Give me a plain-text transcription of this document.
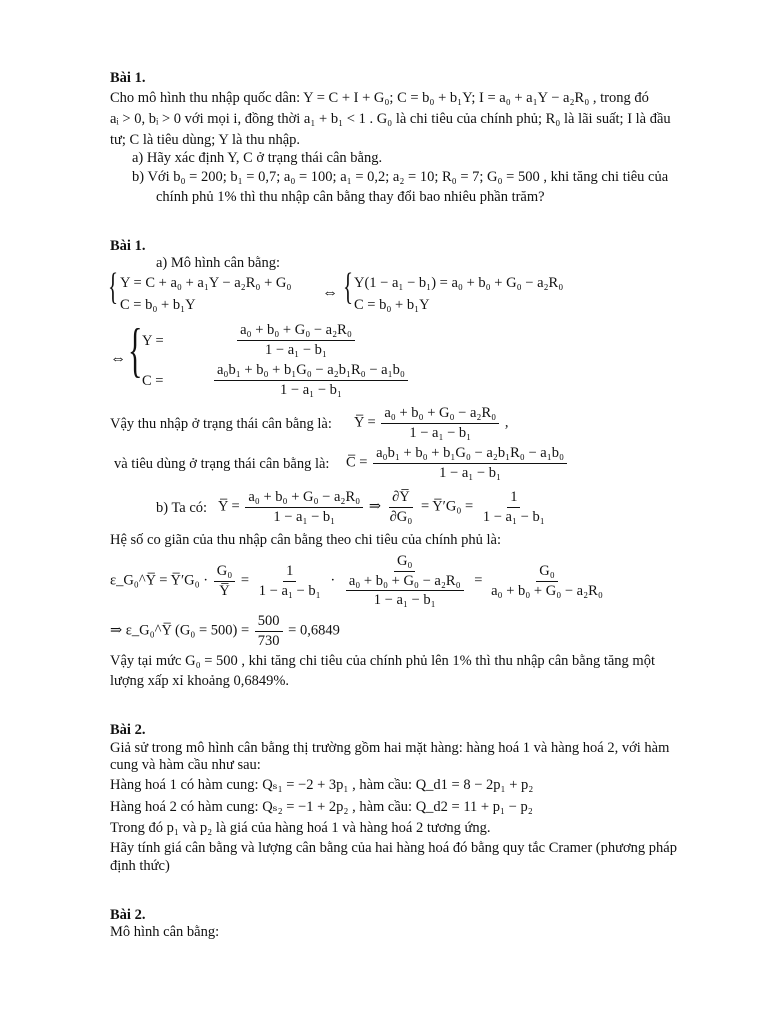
Bài 1.
Cho mô hình thu nhập quốc dân: Y = C + I + G₀; C = b₀ + b₁Y; I = a₀ + a₁Y − a₂R₀ , trong đó
aᵢ > 0, bᵢ > 0 với mọi i, đồng thời a₁ + b₁ < 1 . G₀ là chi tiêu của chính phủ; R₀ là lãi suất; I là đầu
tư; C là tiêu dùng; Y là thu nhập.
a) Hãy xác định Y, C ở trạng thái cân bằng.
b) Với b₀ = 200; b₁ = 0,7; a₀ = 100; a₁ = 0,2; a₂ = 10; R₀ = 7; G₀ = 500 , khi tăng chi tiêu của
chính phủ 1% thì thu nhập cân bằng thay đổi bao nhiêu phần trăm?
Bài 1.
a) Mô hình cân bằng:
{ Y = C + a₀ + a₁Y − a₂R₀ + G₀
C = b₀ + b₁Y
⇔ { Y(1 − a₁ − b₁) = a₀ + b₀ + G₀ − a₂R₀
C = b₀ + b₁Y
⇔ { Y =	$\frac{\text{a₀ + b₀ + G₀ − a₂R₀}}{\text{1 − a₁ − b₁}}$
C =	$\frac{\text{a₀b₁ + b₀ + b₁G₀ − a₂b₁R₀ − a₁b₀}}{\text{1 − a₁ − b₁}}$
Vậy thu nhập ở trạng thái cân bằng là: Y̅ = $\frac{\text{a₀ + b₀ + G₀ − a₂R₀}}{\text{1 − a₁ − b₁}}$ ,
và tiêu dùng ở trạng thái cân bằng là: C̅ = $\frac{\text{a₀b₁ + b₀ + b₁G₀ − a₂b₁R₀ − a₁b₀}}{\text{1 − a₁ − b₁}}$
b) Ta có: Y̅ = $\frac{\text{a₀ + b₀ + G₀ − a₂R₀}}{\text{1 − a₁ − b₁}}$ ⇒ $\frac{\partial Y̅}{\text{∂G₀}}$ = Y̅′G₀ = $\frac{1}{\text{1 − a₁ − b₁}}$
Hệ số co giãn của thu nhập cân bằng theo chi tiêu của chính phủ là:
ε_G₀^Y̅ = Y̅′G₀ · $\frac{\text{G₀}}{Y̅} = \frac{1}{\text{1 − a₁ − b₁}} \cdot \frac{\text{G₀}}{\frac{\text{a₀ + b₀ + G₀ − a₂R₀}}{\text{1 − a₁ − b₁}}} = \frac{\text{G₀}}{\text{a₀ + b₀ + G₀ − a₂R₀}}$
⇒ ε_G₀^Y̅ $(G_0 = 500) = \frac{500}{730} = 0,6849$
Vậy tại mức G₀ = 500 , khi tăng chi tiêu của chính phủ lên 1% thì thu nhập cân bằng tăng một
lượng xấp xỉ khoảng 0,6849%.
Bài 2.
Giả sử trong mô hình cân bằng thị trường gồm hai mặt hàng: hàng hoá 1 và hàng hoá 2, với hàm
cung và hàm cầu như sau:
Hàng hoá 1 có hàm cung: Qₛ₁ = −2 + 3p₁ , hàm cầu: Q_d1 = 8 − 2p₁ + p₂
Hàng hoá 2 có hàm cung: Qₛ₂ = −1 + 2p₂ , hàm cầu: Q_d2 = 11 + p₁ − p₂
Trong đó p₁ và p₂ là giá của hàng hoá 1 và hàng hoá 2 tương ứng.
Hãy tính giá cân bằng và lượng cân bằng của hai hàng hoá đó bằng quy tắc Cramer (phương pháp
định thức)
Bài 2.
Mô hình cân bằng:
